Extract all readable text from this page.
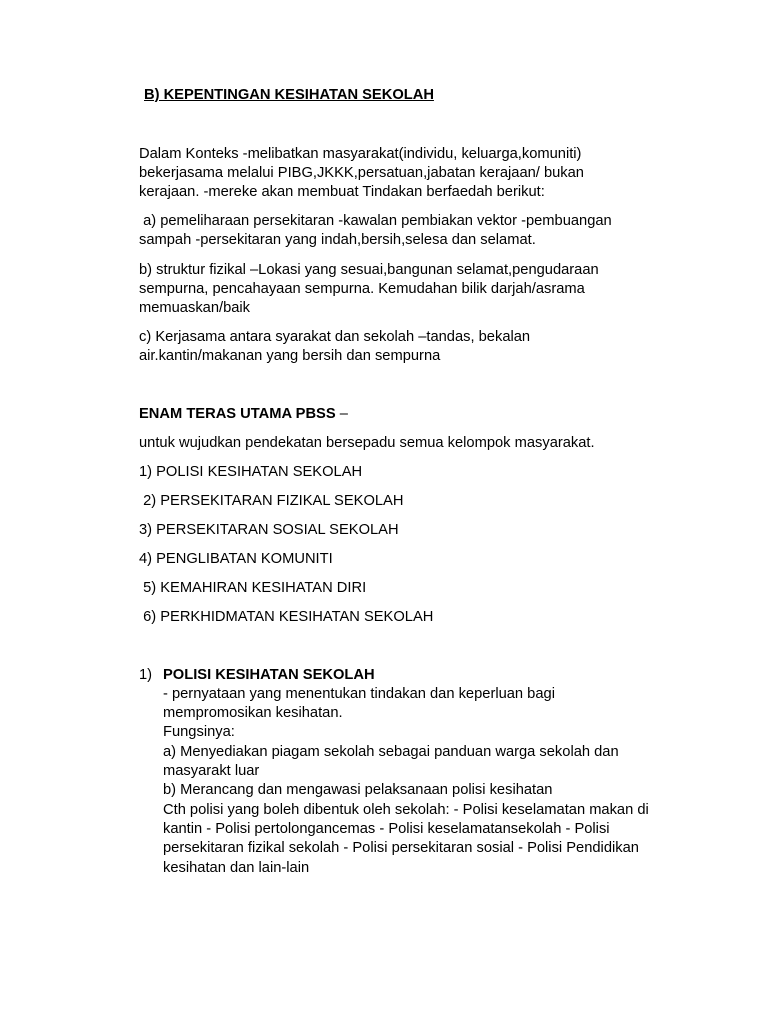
B) KEPENTINGAN KESIHATAN SEKOLAH
Dalam Konteks -melibatkan masyarakat(individu, keluarga,komuniti)
bekerjasama melalui PIBG,JKKK,persatuan,jabatan kerajaan/ bukan
kerajaan. -mereke akan membuat Tindakan berfaedah berikut:
a) pemeliharaan persekitaran -kawalan pembiakan vektor -pembuangan
sampah -persekitaran yang indah,bersih,selesa dan selamat.
b) struktur fizikal –Lokasi yang sesuai,bangunan selamat,pengudaraan
sempurna, pencahayaan sempurna. Kemudahan bilik darjah/asrama
memuaskan/baik
c) Kerjasama antara syarakat dan sekolah –tandas, bekalan
air.kantin/makanan yang bersih dan sempurna
ENAM TERAS UTAMA PBSS –
untuk wujudkan pendekatan bersepadu semua kelompok masyarakat.
1) POLISI KESIHATAN SEKOLAH
2) PERSEKITARAN FIZIKAL SEKOLAH
3) PERSEKITARAN SOSIAL SEKOLAH
4) PENGLIBATAN KOMUNITI
5) KEMAHIRAN KESIHATAN DIRI
6) PERKHIDMATAN KESIHATAN SEKOLAH
1) POLISI KESIHATAN SEKOLAH
- pernyataan yang menentukan tindakan dan keperluan bagi
mempromosikan kesihatan.
Fungsinya:
a) Menyediakan piagam sekolah sebagai panduan warga sekolah dan
masyarakt luar
b) Merancang dan mengawasi pelaksanaan polisi kesihatan
Cth polisi yang boleh dibentuk oleh sekolah: - Polisi keselamatan makan di
kantin - Polisi pertolongancemas - Polisi keselamatansekolah - Polisi
persekitaran fizikal sekolah - Polisi persekitaran sosial - Polisi Pendidikan
kesihatan dan lain-lain
